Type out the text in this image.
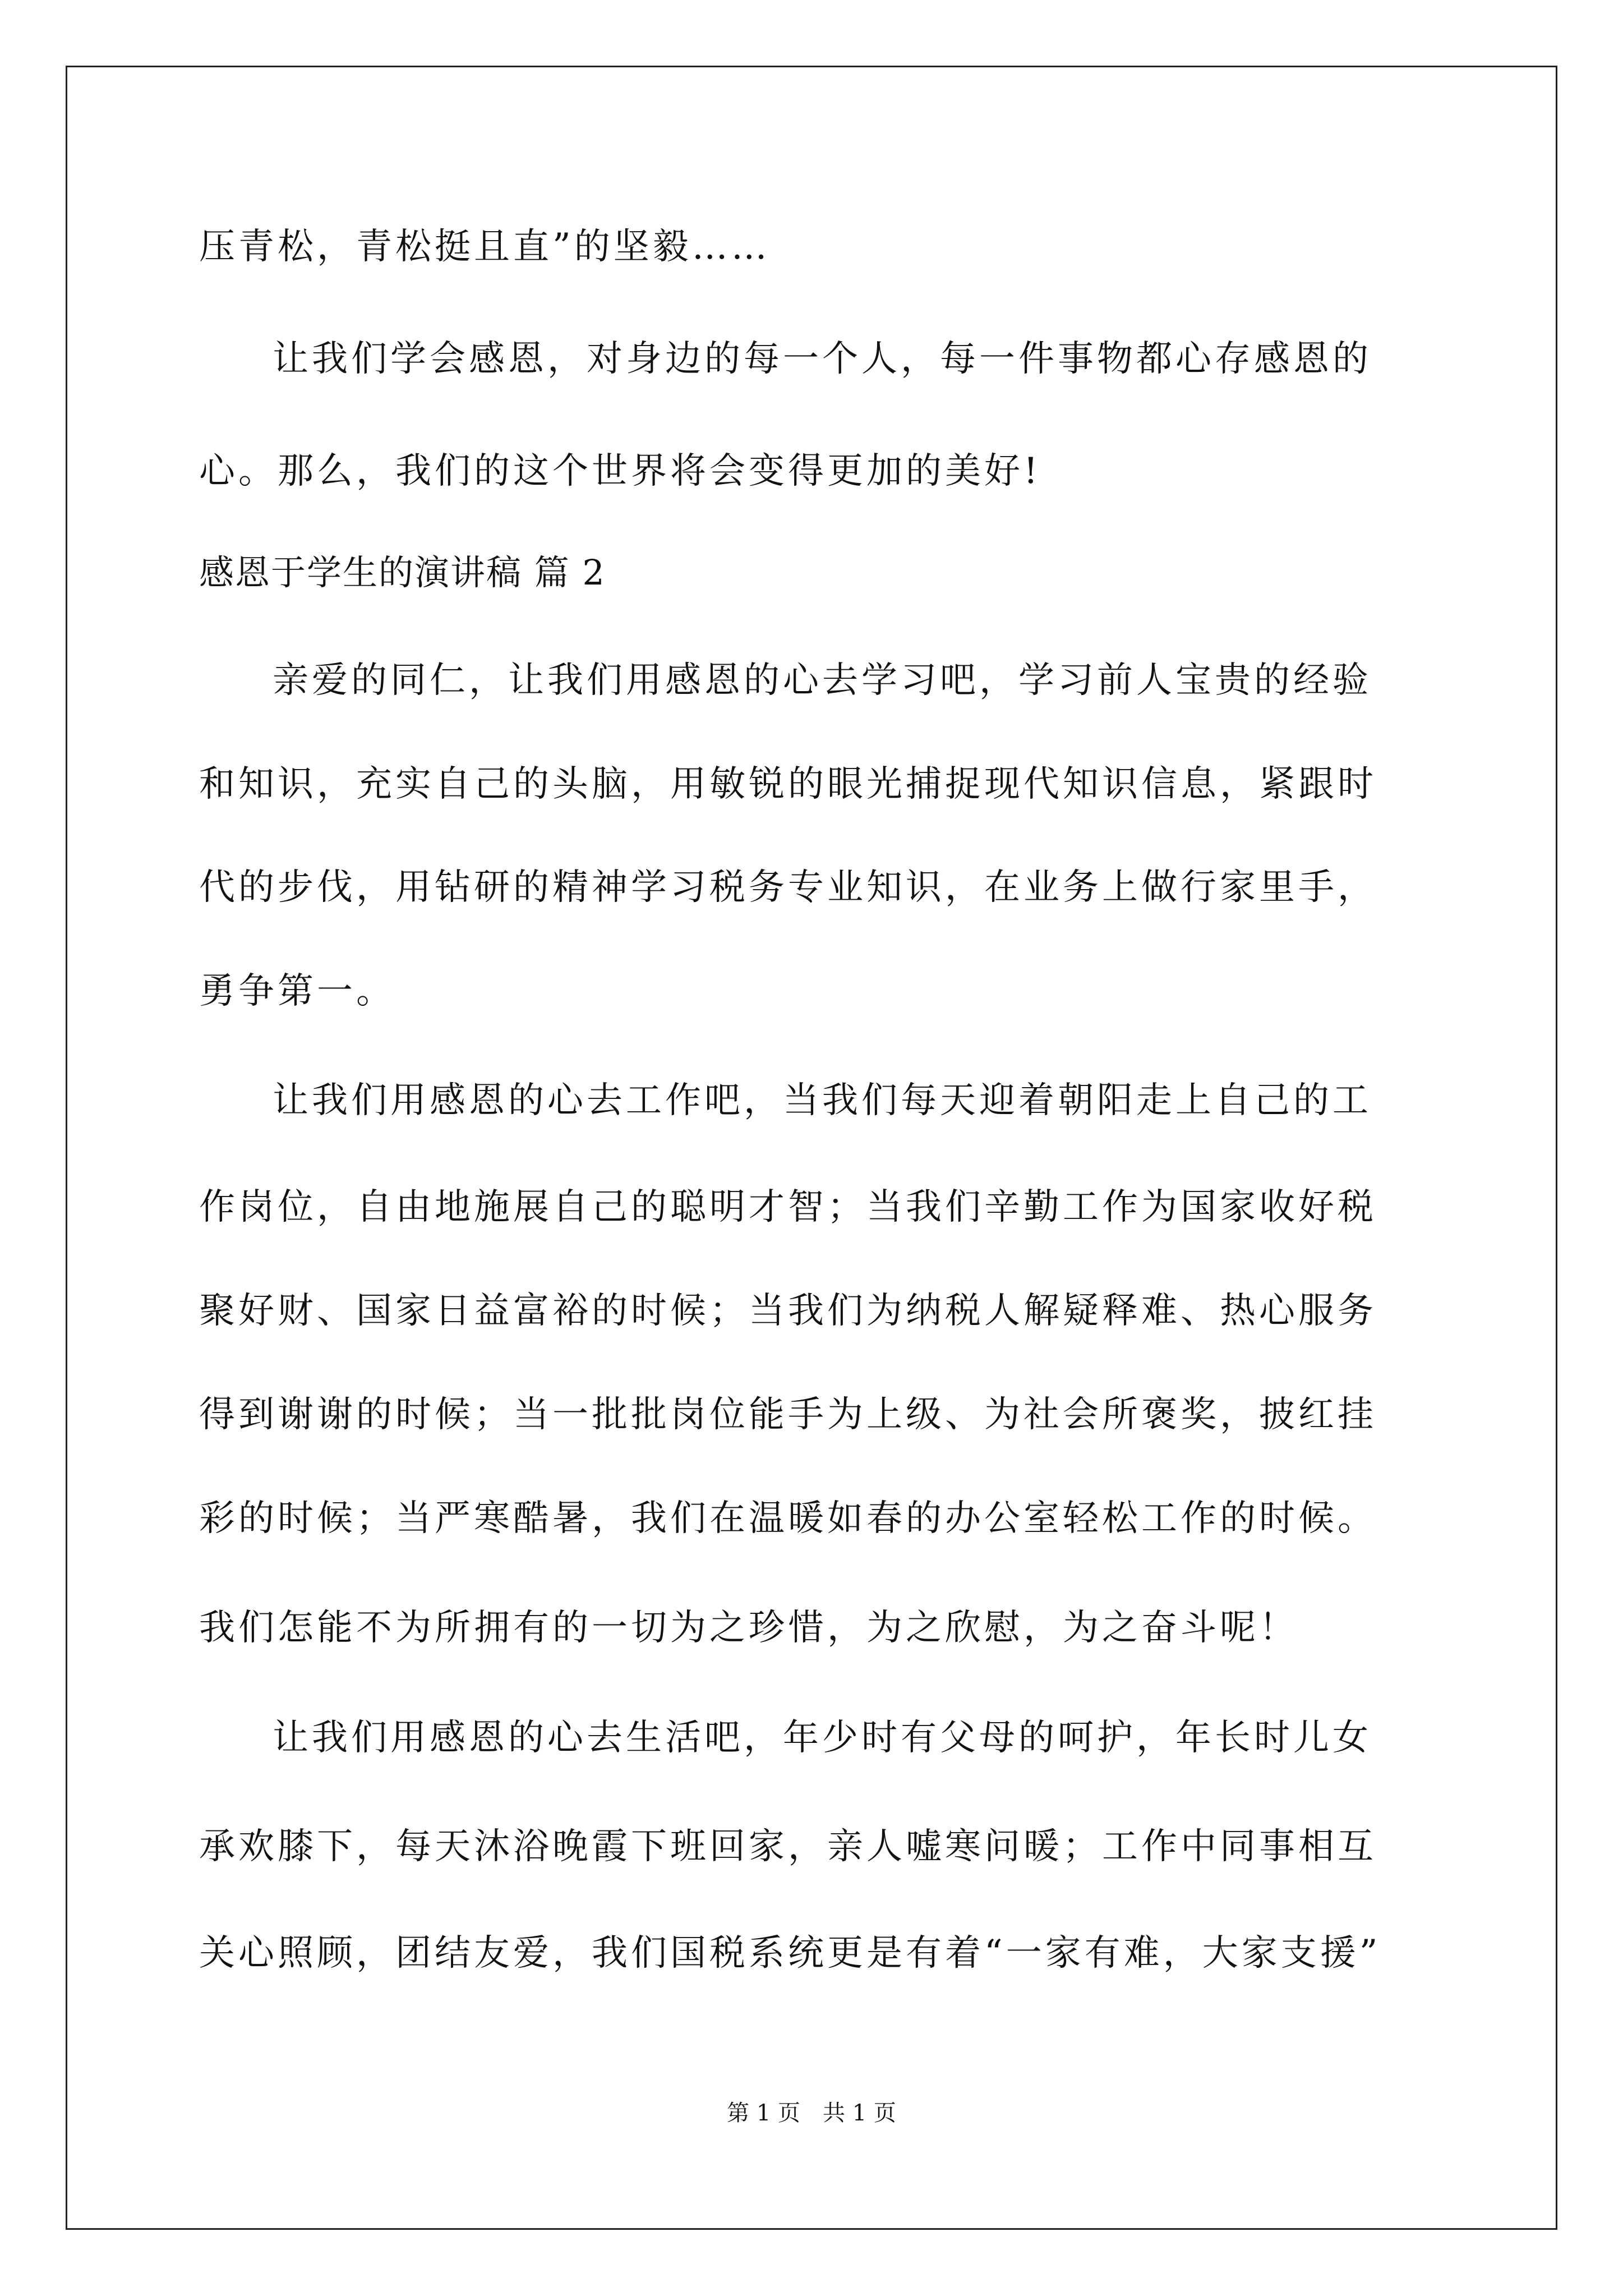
压青松，青松挺且直”的坚毅……
让我们学会感恩，对身边的每一个人，每一件事物都心存感恩的
心。那么，我们的这个世界将会变得更加的美好!
感恩于学生的演讲稿 篇 2
亲爱的同仁，让我们用感恩的心去学习吧，学习前人宝贵的经验
和知识，充实自己的头脑，用敏锐的眼光捕捉现代知识信息，紧跟时
代的步伐，用钻研的精神学习税务专业知识，在业务上做行家里手，
勇争第一。
让我们用感恩的心去工作吧，当我们每天迎着朝阳走上自己的工
作岗位，自由地施展自己的聪明才智；当我们辛勤工作为国家收好税
聚好财、国家日益富裕的时候；当我们为纳税人解疑释难、热心服务
得到谢谢的时候；当一批批岗位能手为上级、为社会所褒奖，披红挂
彩的时候；当严寒酷暑，我们在温暖如春的办公室轻松工作的时候。
我们怎能不为所拥有的一切为之珍惜，为之欣慰，为之奋斗呢！
让我们用感恩的心去生活吧，年少时有父母的呵护，年长时儿女
承欢膝下，每天沐浴晚霞下班回家，亲人嘘寒问暖；工作中同事相互
关心照顾，团结友爱，我们国税系统更是有着“一家有难，大家支援”
第 1 页　共 1 页
